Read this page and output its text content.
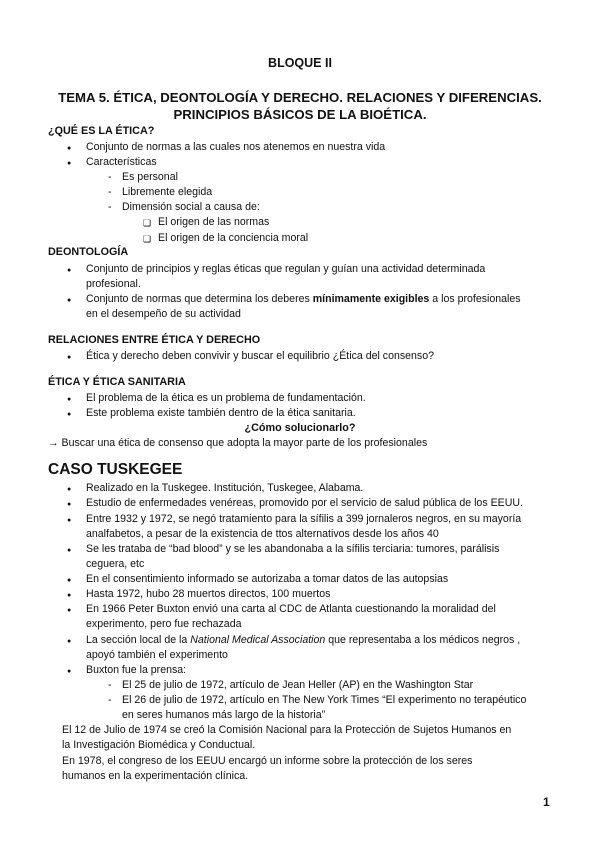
BLOQUE II
TEMA 5. ÉTICA, DEONTOLOGÍA Y DERECHO. RELACIONES Y DIFERENCIAS.
PRINCIPIOS BÁSICOS DE LA BIOÉTICA.
¿QUÉ ES LA ÉTICA?
● Conjunto de normas a las cuales nos atenemos en nuestra vida
● Características
- Es personal
- Libremente elegida
- Dimensión social a causa de:
❏ El origen de las normas
❏ El origen de la conciencia moral
DEONTOLOGÍA
● Conjunto de principios y reglas éticas que regulan y guían una actividad determinada
profesional.
● Conjunto de normas que determina los deberes mínimamente exigibles a los profesionales
en el desempeño de su actividad
RELACIONES ENTRE ÉTICA Y DERECHO
● Ética y derecho deben convivir y buscar el equilibrio ¿Ética del consenso?
ÉTICA Y ÉTICA SANITARIA
● El problema de la ética es un problema de fundamentación.
● Este problema existe también dentro de la ética sanitaria.
¿Cómo solucionarlo?
→ Buscar una ética de consenso que adopta la mayor parte de los profesionales
CASO TUSKEGEE
● Realizado en la Tuskegee. Institución, Tuskegee, Alabama.
● Estudio de enfermedades venéreas, promovido por el servicio de salud pública de los EEUU.
● Entre 1932 y 1972, se negó tratamiento para la sífilis a 399 jornaleros negros, en su mayoría
analfabetos, a pesar de la existencia de ttos alternativos desde los años 40
● Se les trataba de “bad blood” y se les abandonaba a la sífilis terciaria: tumores, parálisis
ceguera, etc
● En el consentimiento informado se autorizaba a tomar datos de las autopsias
● Hasta 1972, hubo 28 muertos directos, 100 muertos
● En 1966 Peter Buxton envió una carta al CDC de Atlanta cuestionando la moralidad del
experimento, pero fue rechazada
● La sección local de la National Medical Association que representaba a los médicos negros ,
apoyó también el experimento
● Buxton fue la prensa:
- El 25 de julio de 1972, artículo de Jean Heller (AP) en the Washington Star
- El 26 de julio de 1972, artículo en The New York Times “El experimento no terapéutico
en seres humanos más largo de la historia”
El 12 de Julio de 1974 se creó la Comisión Nacional para la Protección de Sujetos Humanos en
la Investigación Biomédica y Conductual.
En 1978, el congreso de los EEUU encargó un informe sobre la protección de los seres
humanos en la experimentación clínica.
1
